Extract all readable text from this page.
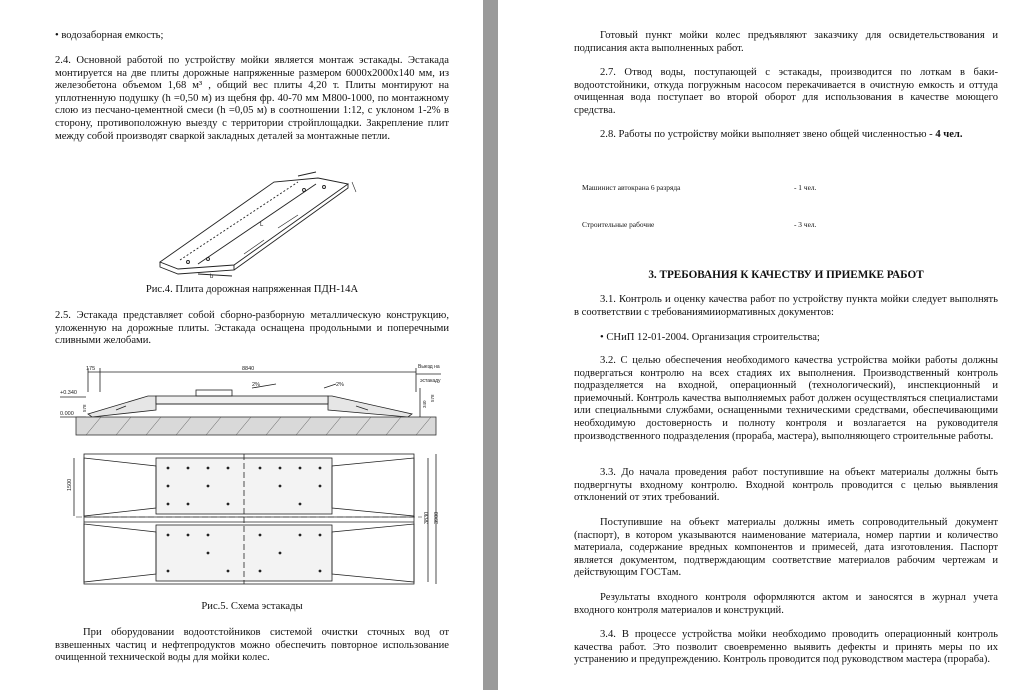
• водозаборная емкость;

2.4. Основной работой по устройству мойки является монтаж эстакады. Эстакада монтируется на две плиты дорожные напряженные размером 6000х2000х140 мм, из железобетона объемом 1,68 м³ , общий вес плиты 4,20 т. Плиты монтируют на уплотненную подушку (h =0,50 м) из щебня фр. 40-70 мм М800-1000, по монтажному слою из песчано-цементной смеси (h =0,05 м) в соотношении 1:12, с уклоном 1-2% в сторону, противоположную выезду с территории стройплощадки. Закрепление плит между собой производят сваркой закладных деталей за монтажные петли.

L
b

Рис.4. Плита дорожная напряженная ПДН-14А

2.5. Эстакада представляет собой сборно-разборную металлическую конструкцию, уложенную на дорожные плиты. Эстакада оснащена продольными и поперечными сливными желобами.

175	8840	Выезд на
эстакаду
2%	2%
+0.340
0.000
578
340
578
1500
3830 3900

Рис.5. Схема эстакады

При оборудовании водоотстойников системой очистки сточных вод от взвешенных частиц и нефтепродуктов можно обеспечить повторное использование очищенной технической воды для мойки колес.

Готовый пункт мойки колес предъявляют заказчику для освидетельствования и подписания акта выполненных работ.

2.7. Отвод воды, поступающей с эстакады, производится по лоткам в баки-водоотстойники, откуда погружным насосом перекачивается в очистную емкость и оттуда очищенная вода поступает во второй оборот для использования в качестве моющего средства.

2.8. Работы по устройству мойки выполняет звено общей численностью - 4 чел.

Машинист автокрана 6 разряда	- 1 чел.
Строительные рабочие	- 3 чел.
3. ТРЕБОВАНИЯ К КАЧЕСТВУ И ПРИЕМКЕ РАБОТ

3.1. Контроль и оценку качества работ по устройству пункта мойки следует выполнять в соответствии с требованиямииормативных документов:

• СНиП 12-01-2004. Организация строительства;

3.2. С целью обеспечения необходимого качества устройства мойки работы должны подвергаться контролю на всех стадиях их выполнения. Производственный контроль подразделяется на входной, операционный (технологический), инспекционный и приемочный. Контроль качества выполняемых работ должен осуществляться специалистами или специальными службами, оснащенными техническими средствами, обеспечивающими необходимую достоверность и полноту контроля и возлагается на руководителя производственного подразделения (прораба, мастера), выполняющего строительные работы.

3.3. До начала проведения работ поступившие на объект материалы должны быть подвергнуты входному контролю. Входной контроль проводится с целью выявления отклонений от этих требований.

Поступившие на объект материалы должны иметь сопроводительный документ (паспорт), в котором указываются наименование материала, номер партии и количество материала, содержание вредных компонентов и примесей, дата изготовления. Паспорт является документом, подтверждающим соответствие материалов рабочим чертежам и действующим ГОСТам.

Результаты входного контроля оформляются актом и заносятся в журнал учета входного контроля материалов и конструкций.

3.4. В процессе устройства мойки необходимо проводить операционный контроль качества работ. Это позволит своевременно выявить дефекты и принять меры по их устранению и предупреждению. Контроль проводится под руководством мастера (прораба).
